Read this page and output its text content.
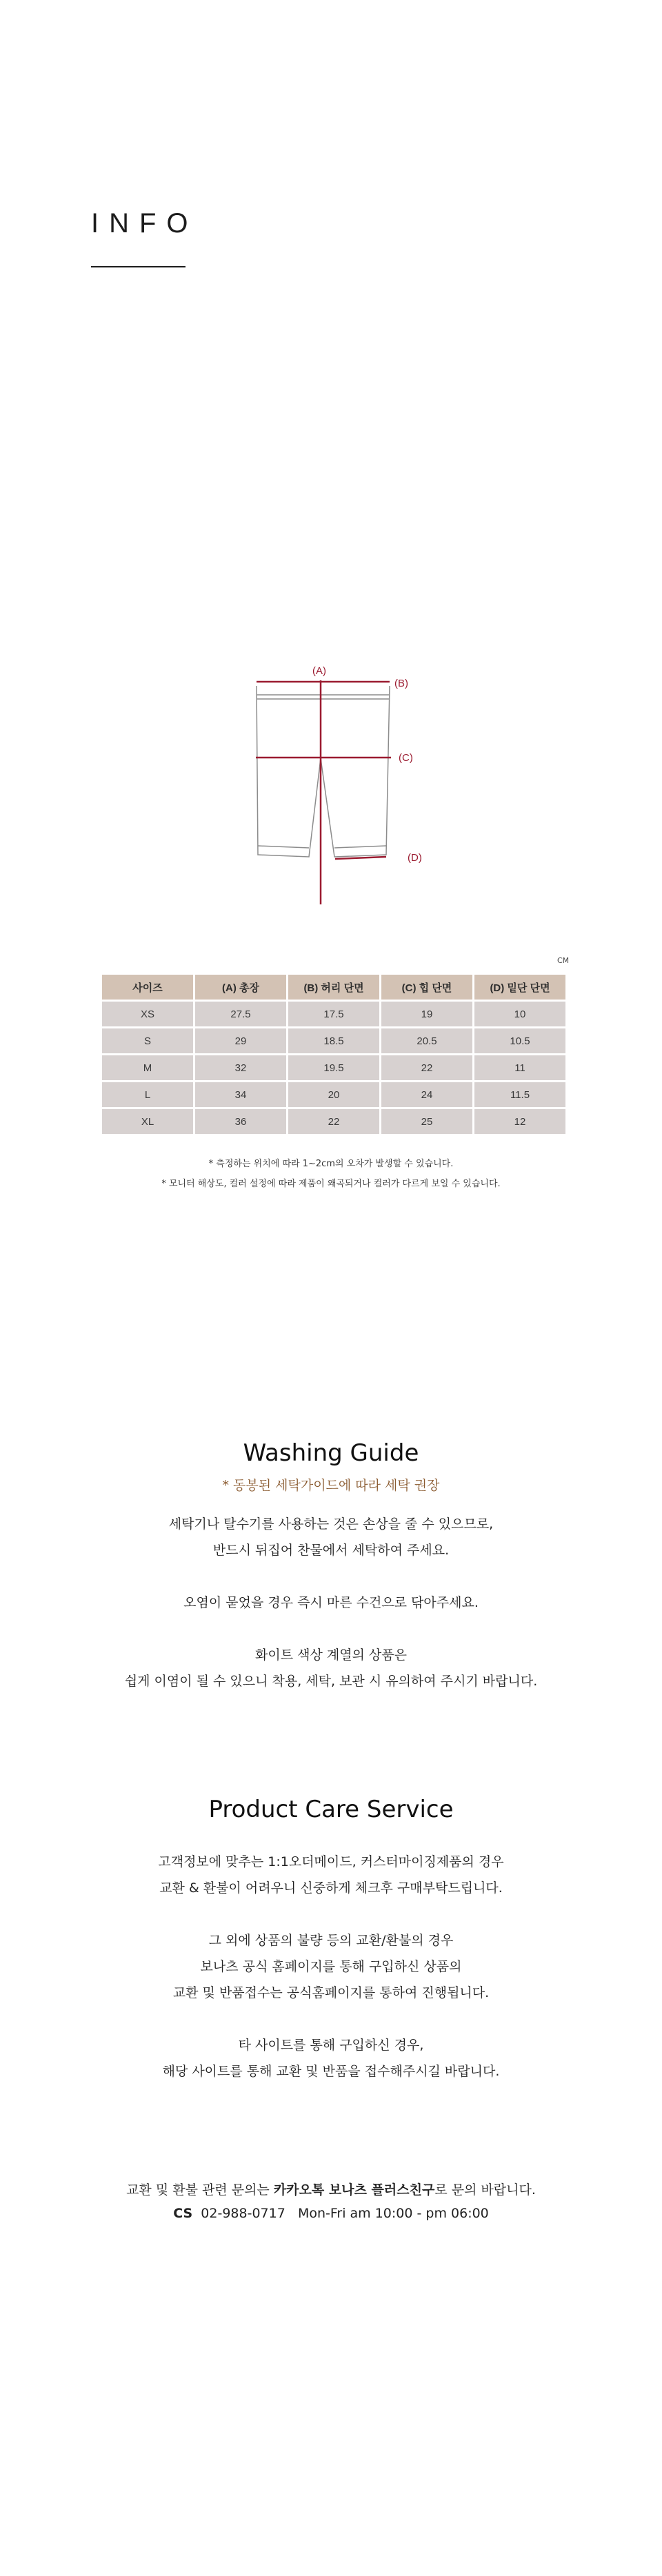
INFO
(A)
(B)
(C)
(D)
CM
사이즈	(A) 총장	(B) 허리 단면	(C) 힙 단면	(D) 밑단 단면
XS	27.5	17.5	19	10
S	29	18.5	20.5	10.5
M	32	19.5	22	11
L	34	20	24	11.5
XL	36	22	25	12

* 측정하는 위치에 따라 1~2cm의 오차가 발생할 수 있습니다.

* 모니터 해상도, 컬러 설정에 따라 제품이 왜곡되거나 컬러가 다르게 보일 수 있습니다.

Washing Guide

* 동봉된 세탁가이드에 따라 세탁 권장

세탁기나 탈수기를 사용하는 것은 손상을 줄 수 있으므로,

반드시 뒤집어 찬물에서 세탁하여 주세요.

오염이 묻었을 경우 즉시 마른 수건으로 닦아주세요.

화이트 색상 계열의 상품은

쉽게 이염이 될 수 있으니 착용, 세탁, 보관 시 유의하여 주시기 바랍니다.

Product Care Service

고객정보에 맞추는 1:1오더메이드, 커스터마이징제품의 경우

교환 & 환불이 어려우니 신중하게 체크후 구매부탁드립니다.

그 외에 상품의 불량 등의 교환/환불의 경우

보나츠 공식 홈페이지를 통해 구입하신 상품의

교환 및 반품접수는 공식홈페이지를 통하여 진행됩니다.

타 사이트를 통해 구입하신 경우,

해당 사이트를 통해 교환 및 반품을 접수해주시길 바랍니다.

교환 및 환불 관련 문의는 카카오톡 보나츠 플러스친구로 문의 바랍니다.

CS 02-988-0717 Mon-Fri am 10:00 - pm 06:00
